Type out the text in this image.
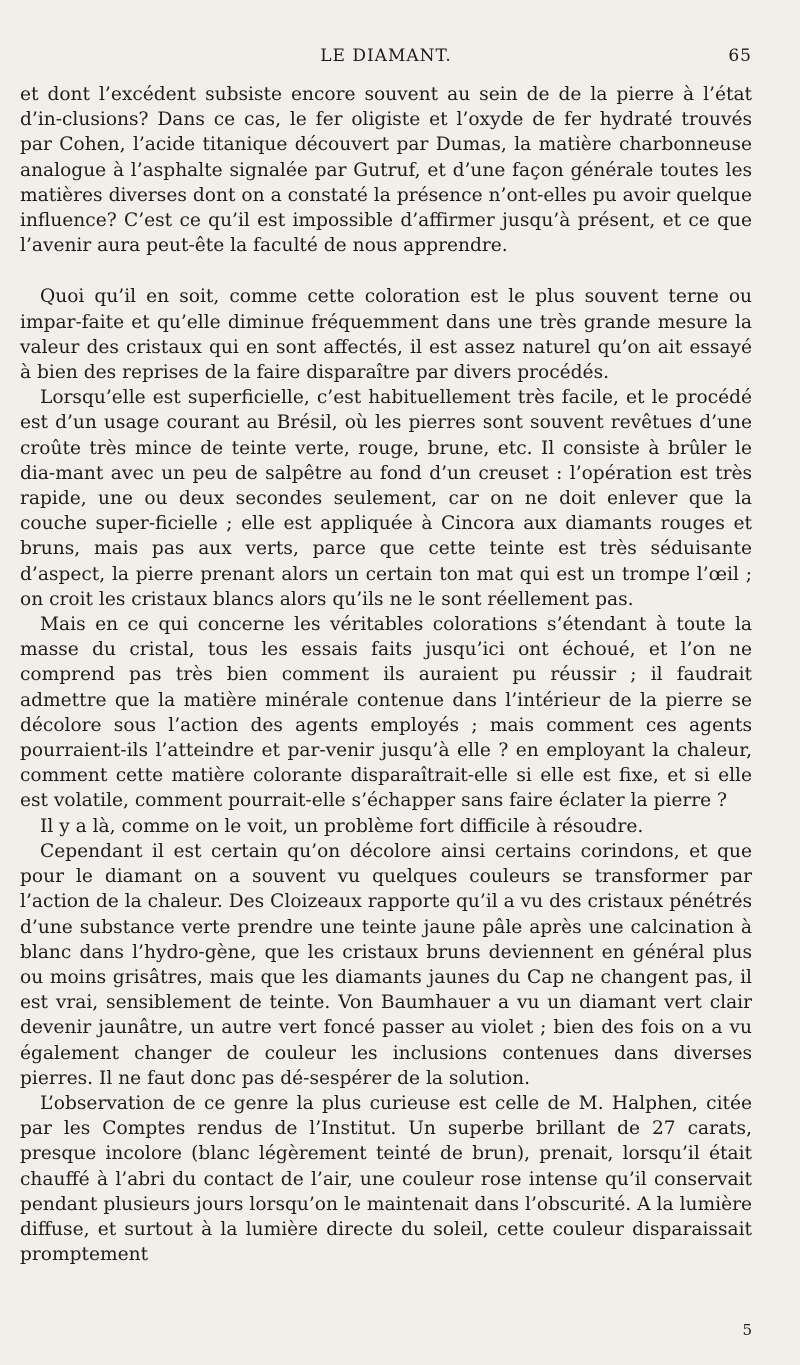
LE DIAMANT.	65

et dont l’excédent subsiste encore souvent au sein de de la pierre à l’état d’in-clusions? Dans ce cas, le fer oligiste et l’oxyde de fer hydraté trouvés par Cohen, l’acide titanique découvert par Dumas, la matière charbonneuse analogue à l’asphalte signalée par Gutruf, et d’une façon générale toutes les matières diverses dont on a constaté la présence n’ont-elles pu avoir quelque influence? C’est ce qu’il est impossible d’affirmer jusqu’à présent, et ce que l’avenir aura peut-ête la faculté de nous apprendre.

Quoi qu’il en soit, comme cette coloration est le plus souvent terne ou impar-faite et qu’elle diminue fréquemment dans une très grande mesure la valeur des cristaux qui en sont affectés, il est assez naturel qu’on ait essayé à bien des reprises de la faire disparaître par divers procédés.

Lorsqu’elle est superficielle, c’est habituellement très facile, et le procédé est d’un usage courant au Brésil, où les pierres sont souvent revêtues d’une croûte très mince de teinte verte, rouge, brune, etc. Il consiste à brûler le dia-mant avec un peu de salpêtre au fond d’un creuset : l’opération est très rapide, une ou deux secondes seulement, car on ne doit enlever que la couche super-ficielle ; elle est appliquée à Cincora aux diamants rouges et bruns, mais pas aux verts, parce que cette teinte est très séduisante d’aspect, la pierre prenant alors un certain ton mat qui est un trompe l’œil ; on croit les cristaux blancs alors qu’ils ne le sont réellement pas.

Mais en ce qui concerne les véritables colorations s’étendant à toute la masse du cristal, tous les essais faits jusqu’ici ont échoué, et l’on ne comprend pas très bien comment ils auraient pu réussir ; il faudrait admettre que la matière minérale contenue dans l’intérieur de la pierre se décolore sous l’action des agents employés ; mais comment ces agents pourraient-ils l’atteindre et par-venir jusqu’à elle ? en employant la chaleur, comment cette matière colorante disparaîtrait-elle si elle est fixe, et si elle est volatile, comment pourrait-elle s’échapper sans faire éclater la pierre ?

Il y a là, comme on le voit, un problème fort difficile à résoudre.

Cependant il est certain qu’on décolore ainsi certains corindons, et que pour le diamant on a souvent vu quelques couleurs se transformer par l’action de la chaleur. Des Cloizeaux rapporte qu’il a vu des cristaux pénétrés d’une substance verte prendre une teinte jaune pâle après une calcination à blanc dans l’hydro-gène, que les cristaux bruns deviennent en général plus ou moins grisâtres, mais que les diamants jaunes du Cap ne changent pas, il est vrai, sensiblement de teinte. Von Baumhauer a vu un diamant vert clair devenir jaunâtre, un autre vert foncé passer au violet ; bien des fois on a vu également changer de couleur les inclusions contenues dans diverses pierres. Il ne faut donc pas dé-sespérer de la solution.

L’observation de ce genre la plus curieuse est celle de M. Halphen, citée par les Comptes rendus de l’Institut. Un superbe brillant de 27 carats, presque incolore (blanc légèrement teinté de brun), prenait, lorsqu’il était chauffé à l’abri du contact de l’air, une couleur rose intense qu’il conservait pendant plusieurs jours lorsqu’on le maintenait dans l’obscurité. A la lumière diffuse, et surtout à la lumière directe du soleil, cette couleur disparaissait promptement

5
